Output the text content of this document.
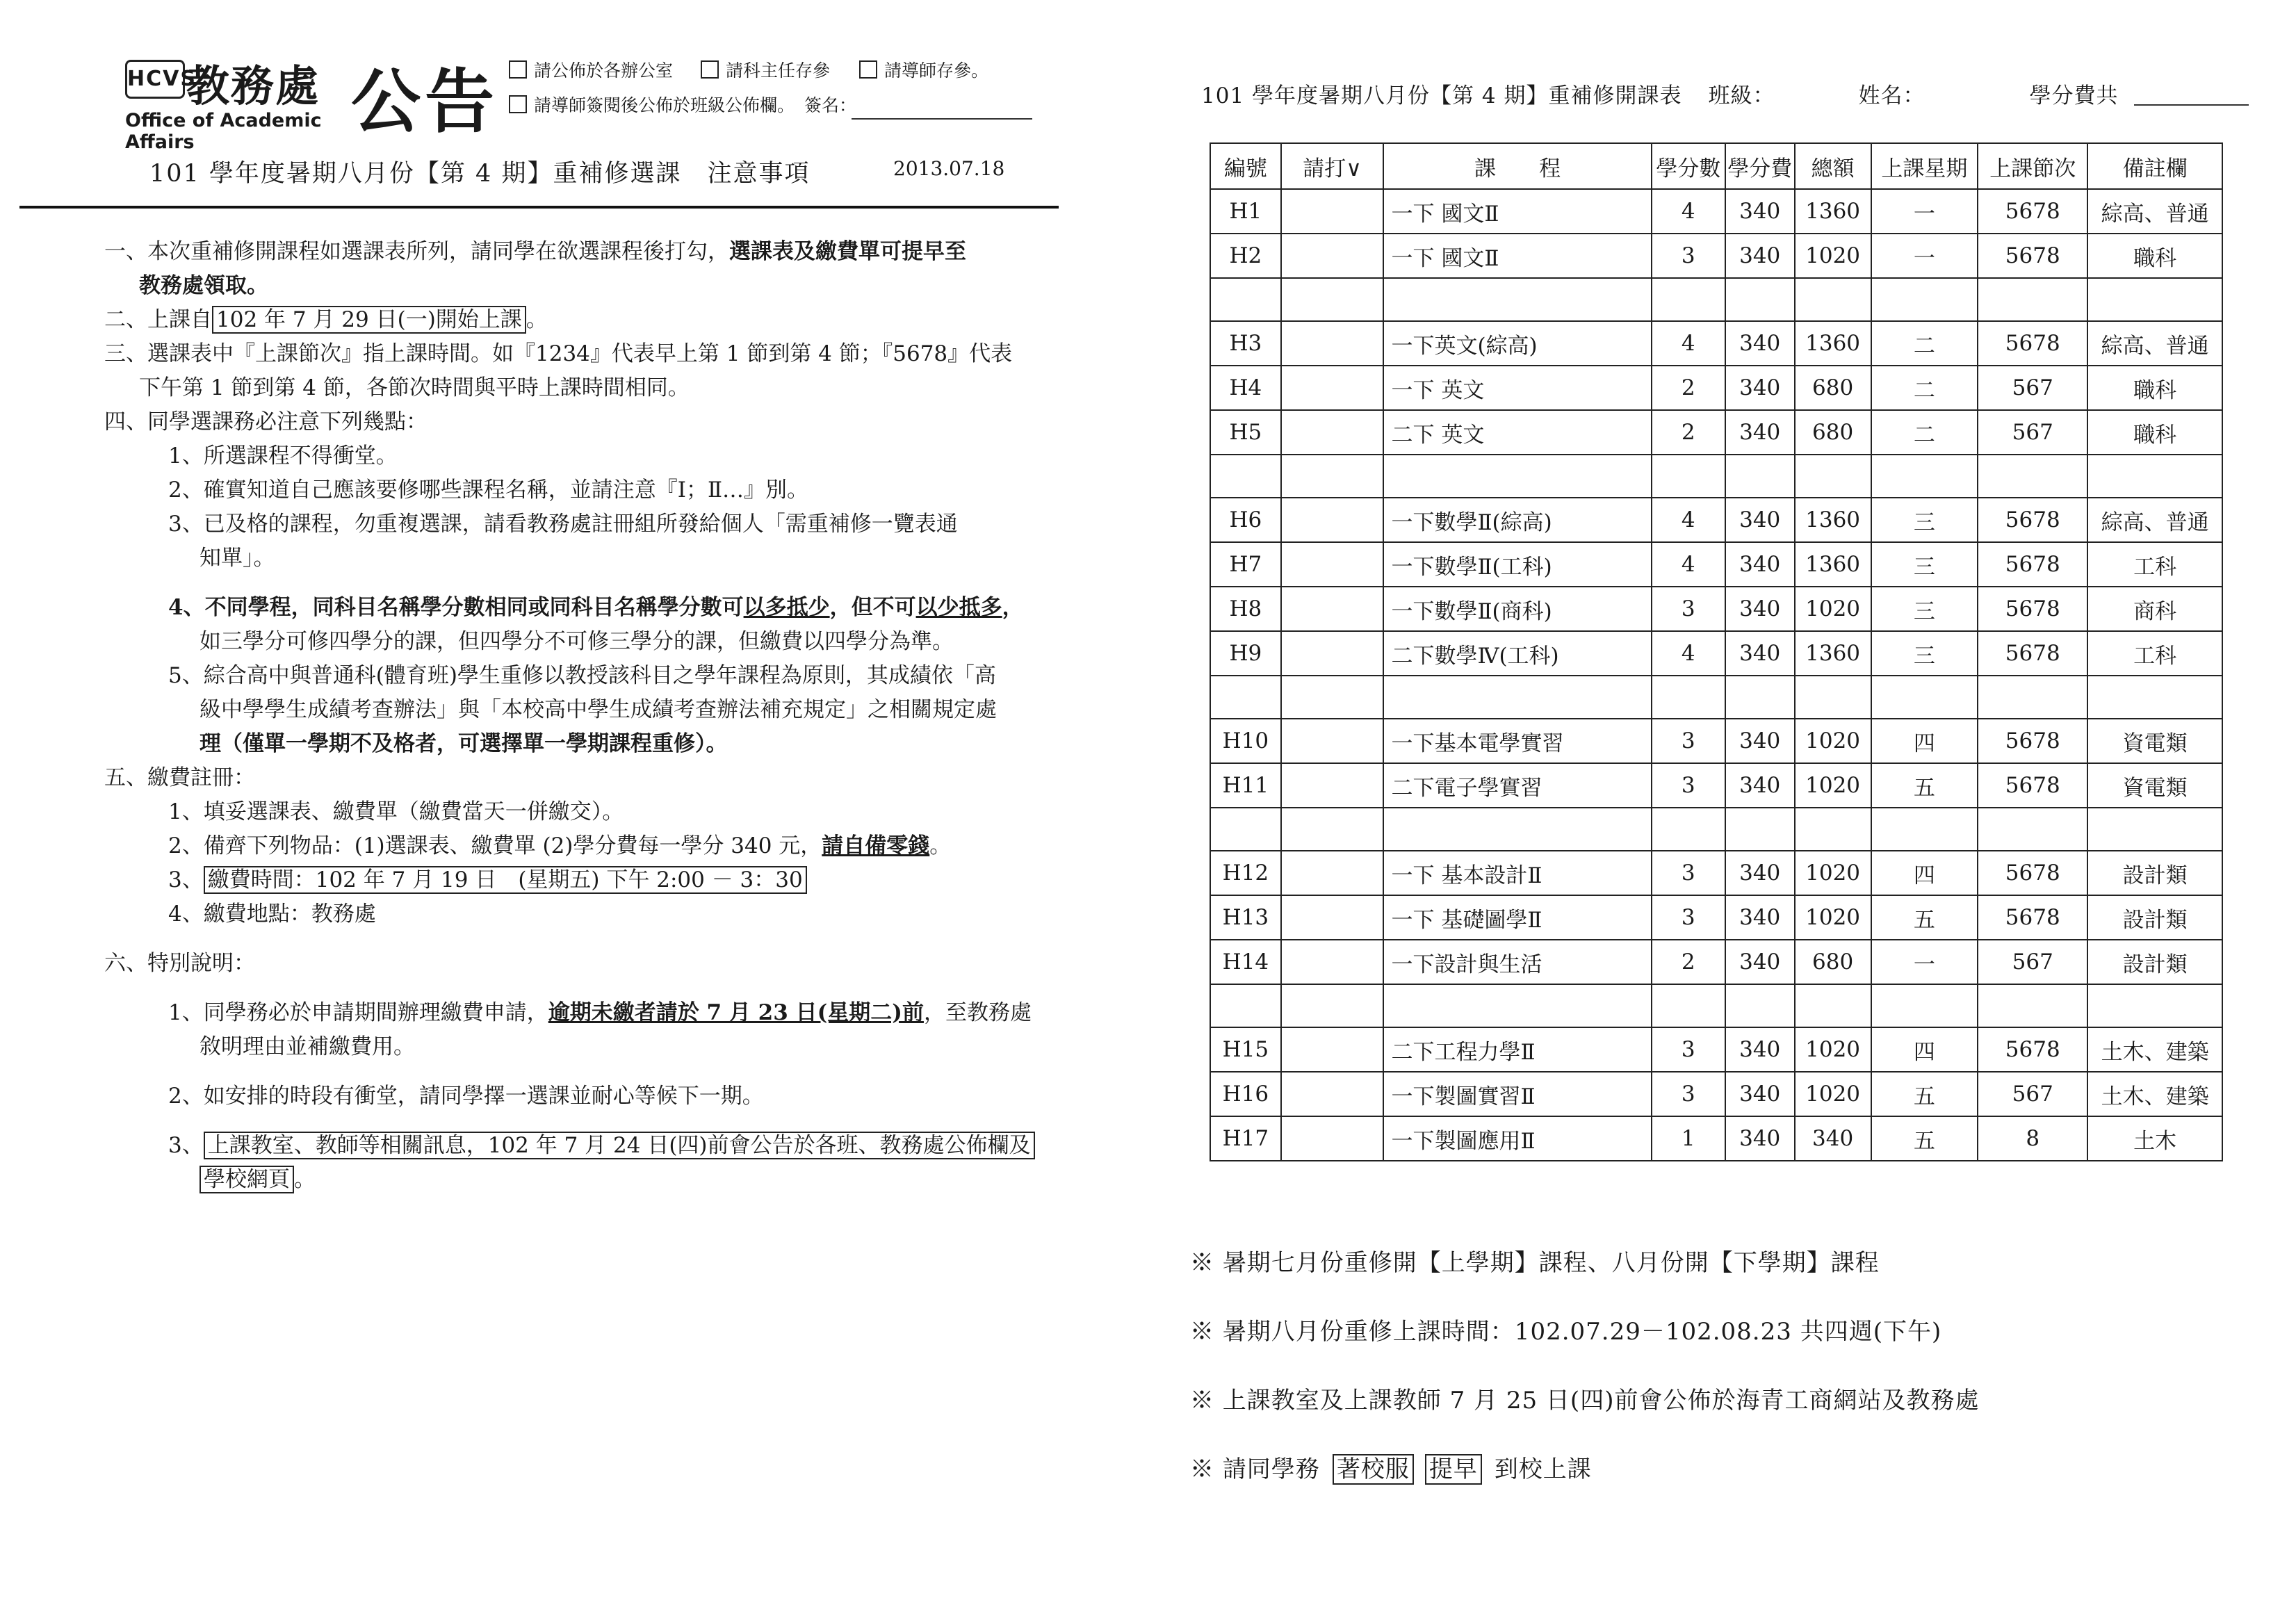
HCVS
教務處
Office of Academic Affairs	公告 請公佈於各辦公室	請科主任存參	請導師存參。
請導師簽閱後公佈於班級公佈欄。 簽名：
101 學年度暑期八月份【第 4 期】重補修選課　注意事項	2013.07.18
一、本次重補修開課程如選課表所列，請同學在欲選課程後打勾，選課表及繳費單可提早至
教務處領取。
二、上課自 102 年 7 月 29 日(一)開始上課 。
三、選課表中『上課節次』指上課時間。如『1234』代表早上第 1 節到第 4 節；『5678』代表
下午第 1 節到第 4 節，各節次時間與平時上課時間相同。
四、同學選課務必注意下列幾點：
1、所選課程不得衝堂。
2、確實知道自己應該要修哪些課程名稱，並請注意『Ⅰ；Ⅱ…』別。
3、已及格的課程，勿重複選課，請看教務處註冊組所發給個人「需重補修一覽表通
知單」。
4、不同學程，同科目名稱學分數相同或同科目名稱學分數可以多抵少，但不可以少抵多，
如三學分可修四學分的課，但四學分不可修三學分的課，但繳費以四學分為準。
5、綜合高中與普通科(體育班)學生重修以教授該科目之學年課程為原則，其成績依「高
級中學學生成績考查辦法」與「本校高中學生成績考查辦法補充規定」之相關規定處
理（僅單一學期不及格者，可選擇單一學期課程重修）。
五、繳費註冊：
1、填妥選課表、繳費單（繳費當天一併繳交）。
2、備齊下列物品：(1)選課表、繳費單 (2)學分費每一學分 340 元，請自備零錢。
3、 繳費時間：102 年 7 月 19 日　(星期五) 下午 2:00 － 3：30
4、繳費地點：教務處
六、特別說明：
1、同學務必於申請期間辦理繳費申請，逾期未繳者請於 7 月 23 日(星期二)前，至教務處
敘明理由並補繳費用。
2、如安排的時段有衝堂，請同學擇一選課並耐心等候下一期。
3、 上課教室、教師等相關訊息，102 年 7 月 24 日(四)前會公告於各班、教務處公佈欄及
學校網頁 。
101 學年度暑期八月份【第 4 期】重補修開課表 班級：	姓名：	學分費共
編號	請打∨	課　　程	學分數	學分費	總額	上課星期	上課節次	備註欄
H1		一下 國文Ⅱ	4	340	1360	一	5678	綜高、普通
H2		一下 國文Ⅱ	3	340	1020	一	5678	職科

H3		一下英文(綜高)	4	340	1360	二	5678	綜高、普通
H4		一下 英文	2	340	680	二	567	職科
H5		二下 英文	2	340	680	二	567	職科

H6		一下數學Ⅱ(綜高)	4	340	1360	三	5678	綜高、普通
H7		一下數學Ⅱ(工科)	4	340	1360	三	5678	工科
H8		一下數學Ⅱ(商科)	3	340	1020	三	5678	商科
H9		二下數學Ⅳ(工科)	4	340	1360	三	5678	工科

H10		一下基本電學實習	3	340	1020	四	5678	資電類
H11		二下電子學實習	3	340	1020	五	5678	資電類

H12		一下 基本設計Ⅱ	3	340	1020	四	5678	設計類
H13		一下 基礎圖學Ⅱ	3	340	1020	五	5678	設計類
H14		一下設計與生活	2	340	680	一	567	設計類

H15		二下工程力學Ⅱ	3	340	1020	四	5678	土木、建築
H16		一下製圖實習Ⅱ	3	340	1020	五	567	土木、建築
H17		一下製圖應用Ⅱ	1	340	340	五	8	土木
※ 暑期七月份重修開【上學期】課程、八月份開【下學期】課程
※ 暑期八月份重修上課時間：102.07.29－102.08.23 共四週(下午)
※ 上課教室及上課教師 7 月 25 日(四)前會公佈於海青工商網站及教務處
※ 請同學務 著校服 提早 到校上課
